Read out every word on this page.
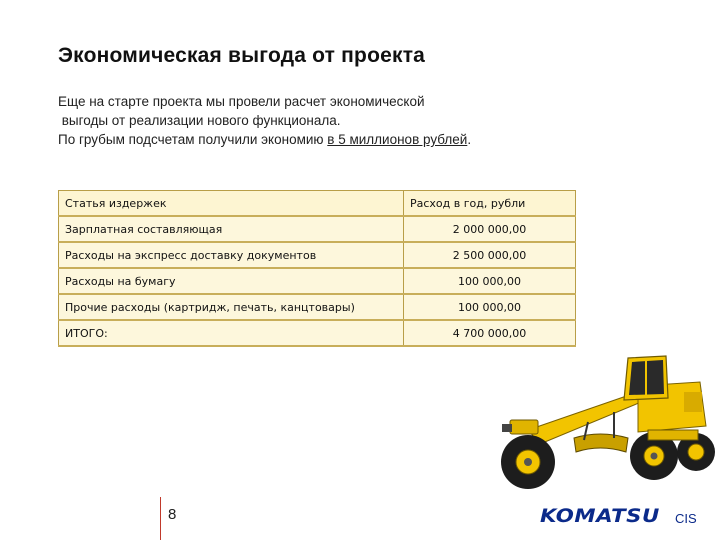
Экономическая выгода от проекта
Еще на старте проекта мы провели расчет экономической
выгоды от реализации нового функционала.
По грубым подсчетам получили экономию в 5 миллионов рублей.
Статья издержек	Расход в год, рубли
Зарплатная составляющая	2 000 000,00
Расходы на экспресс доставку документов	2 500 000,00
Расходы на бумагу	100 000,00
Прочие расходы (картридж, печать, канцтовары)	100 000,00
ИТОГО:	4 700 000,00
8	KOMATSU CIS
